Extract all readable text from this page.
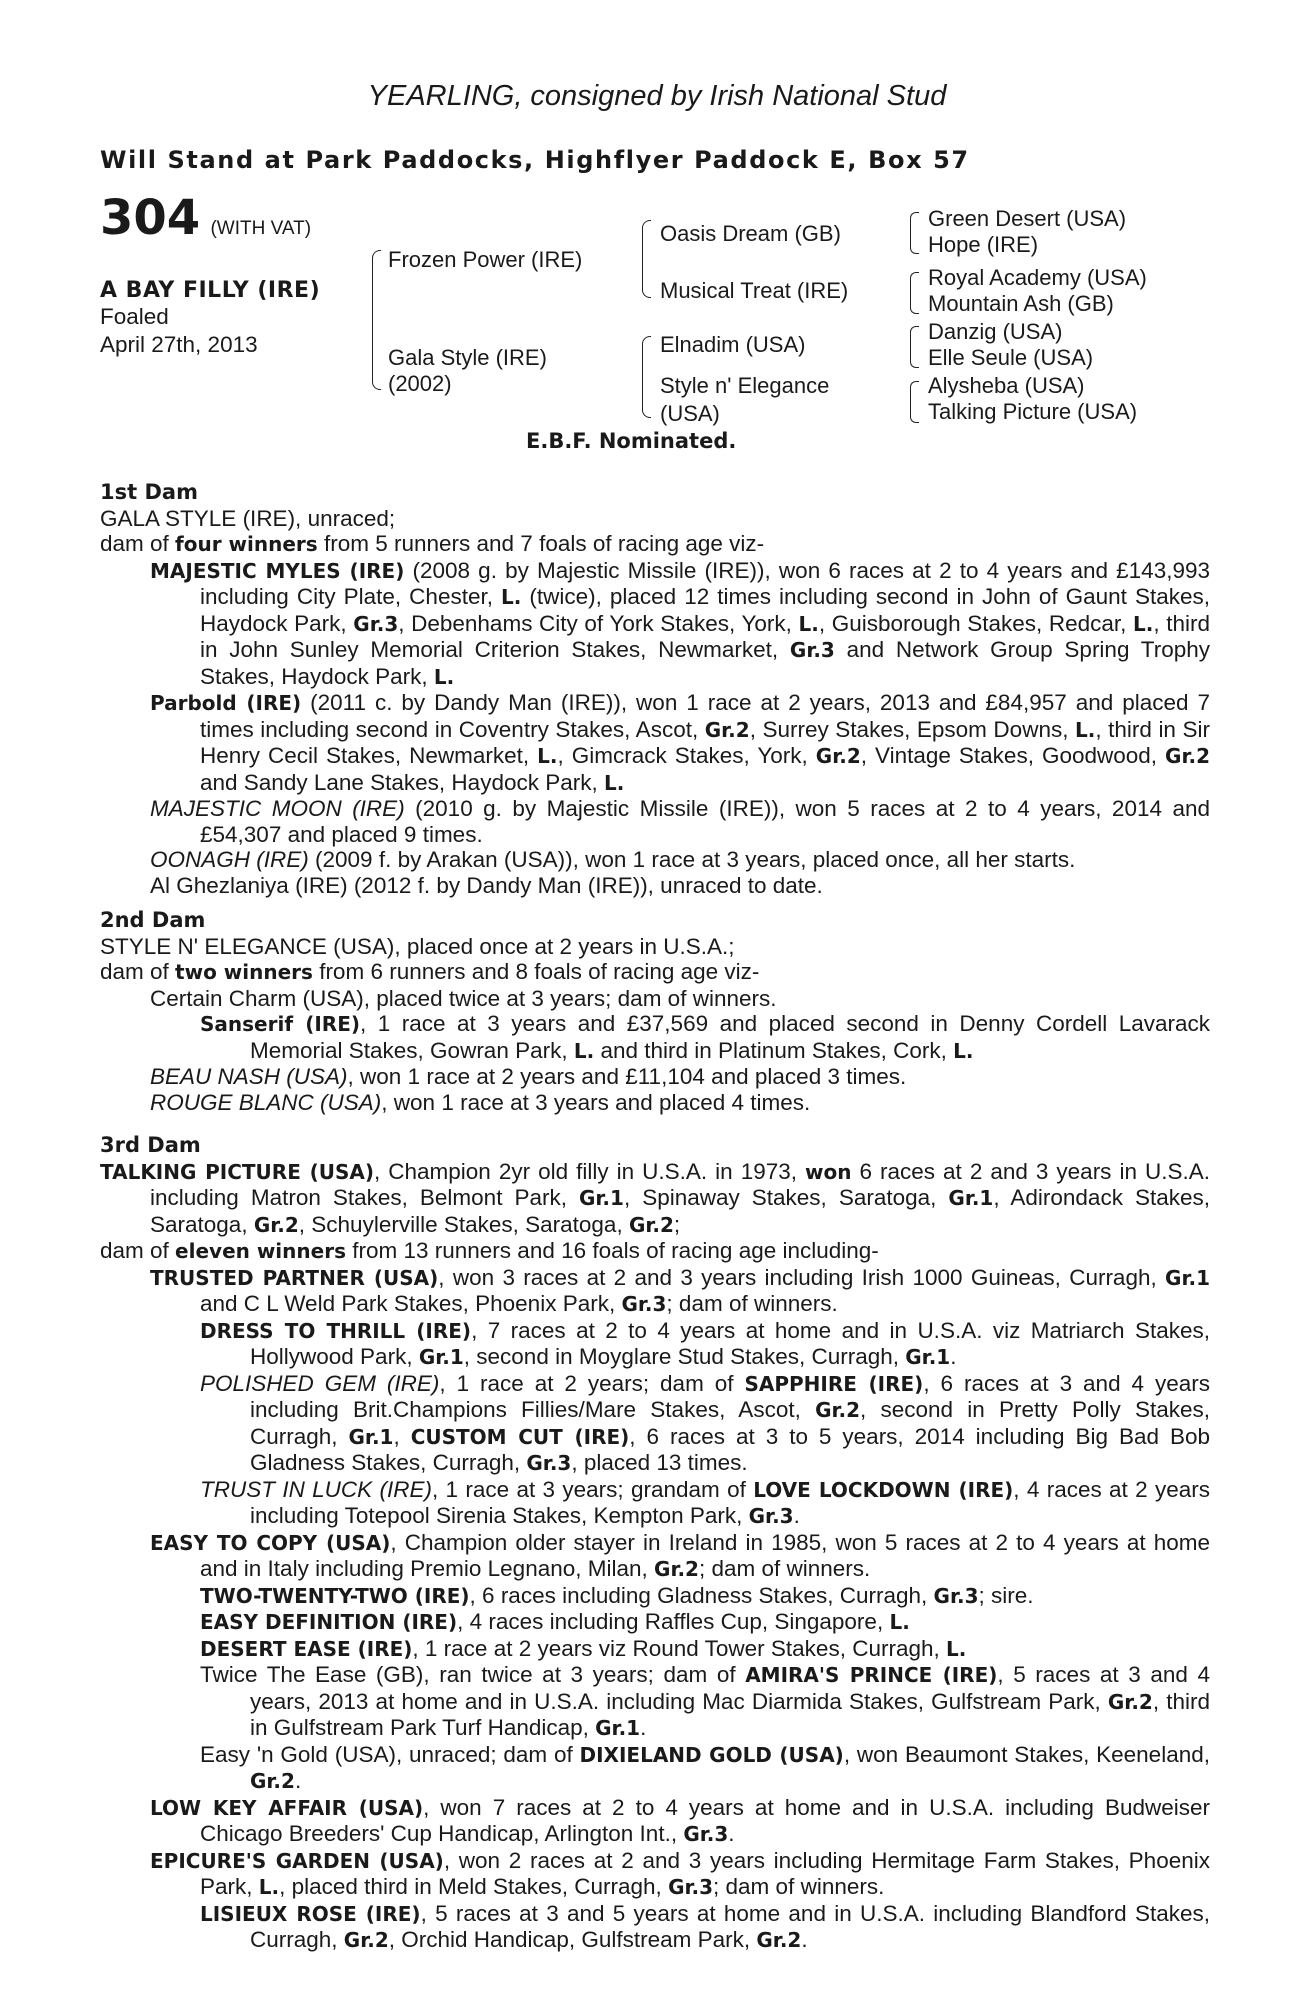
YEARLING, consigned by Irish National Stud
Will Stand at Park Paddocks, Highflyer Paddock E, Box 57
304 (WITH VAT)
A BAY FILLY (IRE)
Foaled
April 27th, 2013
Frozen Power (IRE)
Gala Style (IRE)
(2002)
Oasis Dream (GB)
Musical Treat (IRE)
Elnadim (USA)
Style n' Elegance
(USA)
Green Desert (USA)
Hope (IRE)
Royal Academy (USA)
Mountain Ash (GB)
Danzig (USA)
Elle Seule (USA)
Alysheba (USA)
Talking Picture (USA)
E.B.F. Nominated.

1st Dam

GALA STYLE (IRE), unraced;

dam of four winners from 5 runners and 7 foals of racing age viz-

MAJESTIC MYLES (IRE) (2008 g. by Majestic Missile (IRE)), won 6 races at 2 to 4 years and £143,993 including City Plate, Chester, L. (twice), placed 12 times including second in John of Gaunt Stakes, Haydock Park, Gr.3, Debenhams City of York Stakes, York, L., Guisborough Stakes, Redcar, L., third in John Sunley Memorial Criterion Stakes, Newmarket, Gr.3 and Network Group Spring Trophy Stakes, Haydock Park, L.

Parbold (IRE) (2011 c. by Dandy Man (IRE)), won 1 race at 2 years, 2013 and £84,957 and placed 7 times including second in Coventry Stakes, Ascot, Gr.2, Surrey Stakes, Epsom Downs, L., third in Sir Henry Cecil Stakes, Newmarket, L., Gimcrack Stakes, York, Gr.2, Vintage Stakes, Goodwood, Gr.2 and Sandy Lane Stakes, Haydock Park, L.

MAJESTIC MOON (IRE) (2010 g. by Majestic Missile (IRE)), won 5 races at 2 to 4 years, 2014 and £54,307 and placed 9 times.

OONAGH (IRE) (2009 f. by Arakan (USA)), won 1 race at 3 years, placed once, all her starts.

Al Ghezlaniya (IRE) (2012 f. by Dandy Man (IRE)), unraced to date.

2nd Dam

STYLE N' ELEGANCE (USA), placed once at 2 years in U.S.A.;

dam of two winners from 6 runners and 8 foals of racing age viz-

Certain Charm (USA), placed twice at 3 years; dam of winners.

Sanserif (IRE), 1 race at 3 years and £37,569 and placed second in Denny Cordell Lavarack Memorial Stakes, Gowran Park, L. and third in Platinum Stakes, Cork, L.

BEAU NASH (USA), won 1 race at 2 years and £11,104 and placed 3 times.

ROUGE BLANC (USA), won 1 race at 3 years and placed 4 times.

3rd Dam

TALKING PICTURE (USA), Champion 2yr old filly in U.S.A. in 1973, won 6 races at 2 and 3 years in U.S.A. including Matron Stakes, Belmont Park, Gr.1, Spinaway Stakes, Saratoga, Gr.1, Adirondack Stakes, Saratoga, Gr.2, Schuylerville Stakes, Saratoga, Gr.2;

dam of eleven winners from 13 runners and 16 foals of racing age including-

TRUSTED PARTNER (USA), won 3 races at 2 and 3 years including Irish 1000 Guineas, Curragh, Gr.1 and C L Weld Park Stakes, Phoenix Park, Gr.3; dam of winners.

DRESS TO THRILL (IRE), 7 races at 2 to 4 years at home and in U.S.A. viz Matriarch Stakes, Hollywood Park, Gr.1, second in Moyglare Stud Stakes, Curragh, Gr.1.

POLISHED GEM (IRE), 1 race at 2 years; dam of SAPPHIRE (IRE), 6 races at 3 and 4 years including Brit.Champions Fillies/Mare Stakes, Ascot, Gr.2, second in Pretty Polly Stakes, Curragh, Gr.1, CUSTOM CUT (IRE), 6 races at 3 to 5 years, 2014 including Big Bad Bob Gladness Stakes, Curragh, Gr.3, placed 13 times.

TRUST IN LUCK (IRE), 1 race at 3 years; grandam of LOVE LOCKDOWN (IRE), 4 races at 2 years including Totepool Sirenia Stakes, Kempton Park, Gr.3.

EASY TO COPY (USA), Champion older stayer in Ireland in 1985, won 5 races at 2 to 4 years at home and in Italy including Premio Legnano, Milan, Gr.2; dam of winners.

TWO-TWENTY-TWO (IRE), 6 races including Gladness Stakes, Curragh, Gr.3; sire.

EASY DEFINITION (IRE), 4 races including Raffles Cup, Singapore, L.

DESERT EASE (IRE), 1 race at 2 years viz Round Tower Stakes, Curragh, L.

Twice The Ease (GB), ran twice at 3 years; dam of AMIRA'S PRINCE (IRE), 5 races at 3 and 4 years, 2013 at home and in U.S.A. including Mac Diarmida Stakes, Gulfstream Park, Gr.2, third in Gulfstream Park Turf Handicap, Gr.1.

Easy 'n Gold (USA), unraced; dam of DIXIELAND GOLD (USA), won Beaumont Stakes, Keeneland, Gr.2.

LOW KEY AFFAIR (USA), won 7 races at 2 to 4 years at home and in U.S.A. including Budweiser Chicago Breeders' Cup Handicap, Arlington Int., Gr.3.

EPICURE'S GARDEN (USA), won 2 races at 2 and 3 years including Hermitage Farm Stakes, Phoenix Park, L., placed third in Meld Stakes, Curragh, Gr.3; dam of winners.

LISIEUX ROSE (IRE), 5 races at 3 and 5 years at home and in U.S.A. including Blandford Stakes, Curragh, Gr.2, Orchid Handicap, Gulfstream Park, Gr.2.
